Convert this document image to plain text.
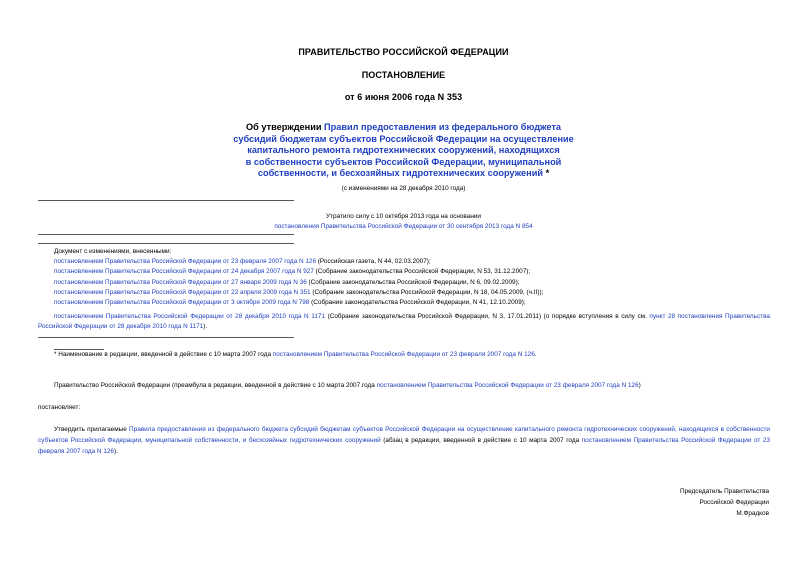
ПРАВИТЕЛЬСТВО РОССИЙСКОЙ ФЕДЕРАЦИИ
ПОСТАНОВЛЕНИЕ
от 6 июня 2006 года N 353
Об утверждении Правил предоставления из федерального бюджета
субсидий бюджетам субъектов Российской Федерации на осуществление
капитального ремонта гидротехнических сооружений, находящихся
в собственности субъектов Российской Федерации, муниципальной
собственности, и бесхозяйных гидротехнических сооружений *
(с изменениями на 28 декабря 2010 года)
Утратило силу с 10 октября 2013 года на основании
постановления Правительства Российской Федерации от 30 сентября 2013 года N 854
Документ с изменениями, внесенными:
постановлением Правительства Российской Федерации от 23 февраля 2007 года N 126 (Российская газета, N 44, 02.03.2007);
постановлением Правительства Российской Федерации от 24 декабря 2007 года N 927 (Собрание законодательства Российской Федерации, N 53, 31.12.2007);
постановлением Правительства Российской Федерации от 27 января 2009 года N 36 (Собрание законодательства Российской Федерации, N 6, 09.02.2009);
постановлением Правительства Российской Федерации от 22 апреля 2009 года N 351 (Собрание законодательства Российской Федерации, N 18, 04.05.2009, (ч.II));
постановлением Правительства Российской Федерации от 3 октября 2009 года N 798 (Собрание законодательства Российской Федерации, N 41, 12.10.2009);
постановлением Правительства Российской Федерации от 28 декабря 2010 года N 1171 (Собрание законодательства Российской Федерации, N 3, 17.01.2011) (о порядке вступления в силу см. пункт 28 постановления Правительства Российской Федерации от 28 декабря 2010 года N 1171).
* Наименование в редакции, введенной в действие с 10 марта 2007 года постановлением Правительства Российской Федерации от 23 февраля 2007 года N 126.
Правительство Российской Федерации (преамбула в редакции, введенной в действие с 10 марта 2007 года постановлением Правительства Российской Федерации от 23 февраля 2007 года N 126)
постановляет:
Утвердить прилагаемые Правила предоставления из федерального бюджета субсидий бюджетам субъектов Российской Федерации на осуществление капитального ремонта гидротехнических сооружений, находящихся в собственности субъектов Российской Федерации, муниципальной собственности, и бесхозяйных гидротехнических сооружений (абзац в редакции, введенной в действие с 10 марта 2007 года постановлением Правительства Российской Федерации от 23 февраля 2007 года N 126).
Председатель Правительства
Российской Федерации
М.Фрадков
